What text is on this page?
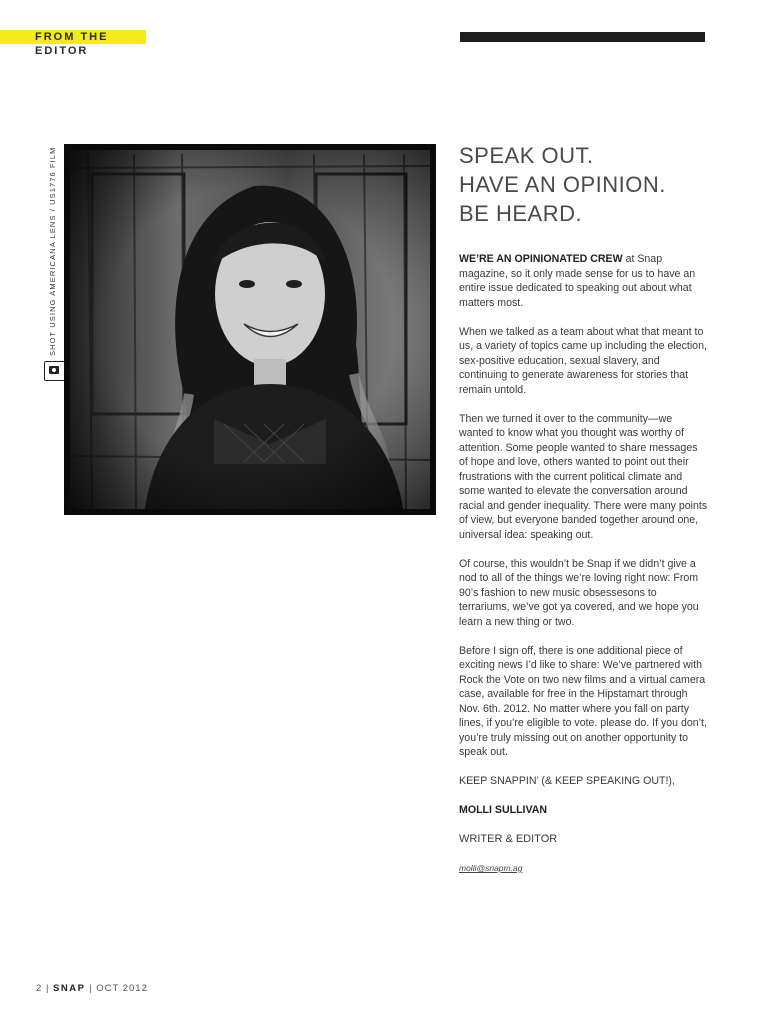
FROM THE EDITOR
SHOT USING AMERICANA LENS / US1776 FILM	SPEAK OUT.
HAVE AN OPINION.
BE HEARD.

WE’RE AN OPINIONATED CREW at Snap magazine, so it only made sense for us to have an entire issue dedicated to speaking out about what matters most.

When we talked as a team about what that meant to us, a variety of topics came up including the election, sex-positive education, sexual slavery, and continuing to generate awareness for stories that remain untold.

Then we turned it over to the community—we wanted to know what you thought was worthy of attention. Some people wanted to share messages of hope and love, others wanted to point out their frustrations with the current political climate and some wanted to elevate the conversation around racial and gender inequality. There were many points of view, but everyone banded together around one, universal idea: speaking out.

Of course, this wouldn’t be Snap if we didn’t give a nod to all of the things we’re loving right now: From 90’s fashion to new music obsessesons to terrariums, we’ve got ya covered, and we hope you learn a new thing or two.

Before I sign off, there is one additional piece of exciting news I’d like to share: We’ve partnered with Rock the Vote on two new films and a virtual camera case, available for free in the Hipstamart through Nov. 6th. 2012. No matter where you fall on party lines, if you’re eligible to vote. please do. If you don’t, you’re truly missing out on another opportunity to speak out.

KEEP SNAPPIN’ (& KEEP SPEAKING OUT!),

MOLLI SULLIVAN

WRITER & EDITOR

molli@snapm.ag
2 | SNAP | OCT 2012
